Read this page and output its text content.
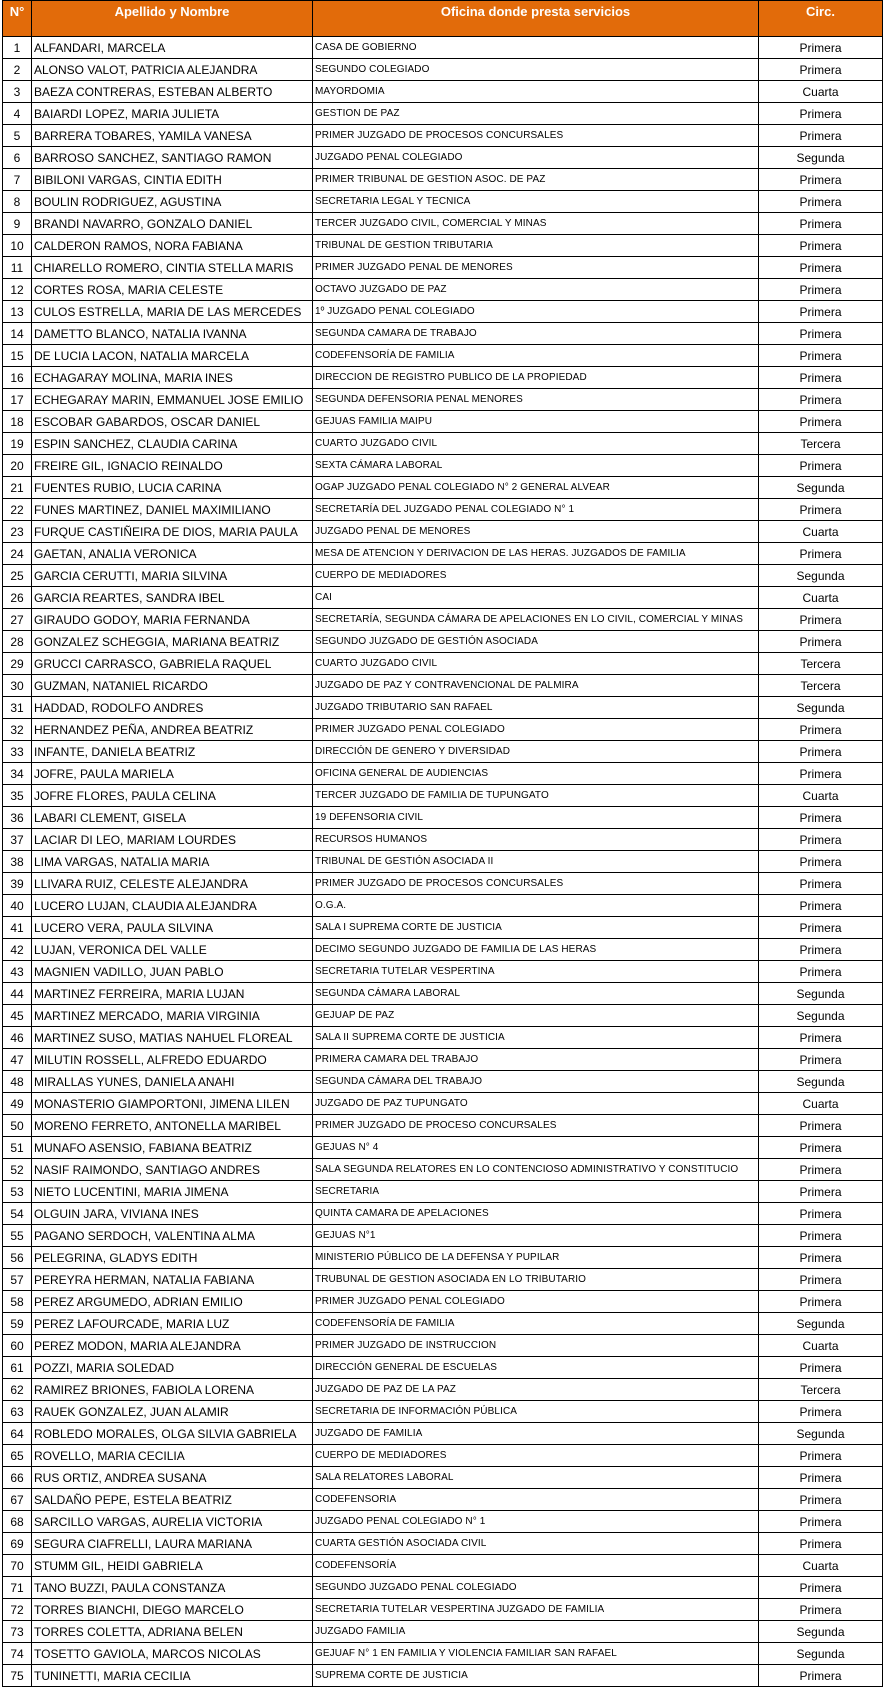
N°	Apellido y Nombre	Oficina donde presta servicios	Circ.
1	ALFANDARI, MARCELA	CASA DE GOBIERNO	Primera
2	ALONSO VALOT, PATRICIA ALEJANDRA	SEGUNDO COLEGIADO	Primera
3	BAEZA CONTRERAS, ESTEBAN ALBERTO	MAYORDOMIA	Cuarta
4	BAIARDI LOPEZ, MARIA JULIETA	GESTION DE PAZ	Primera
5	BARRERA TOBARES, YAMILA VANESA	PRIMER JUZGADO DE PROCESOS CONCURSALES	Primera
6	BARROSO SANCHEZ, SANTIAGO RAMON	JUZGADO PENAL COLEGIADO	Segunda
7	BIBILONI VARGAS, CINTIA EDITH	PRIMER TRIBUNAL DE GESTION ASOC. DE PAZ	Primera
8	BOULIN RODRIGUEZ, AGUSTINA	SECRETARIA LEGAL Y TECNICA	Primera
9	BRANDI NAVARRO, GONZALO DANIEL	TERCER JUZGADO CIVIL, COMERCIAL Y MINAS	Primera
10	CALDERON RAMOS, NORA FABIANA	TRIBUNAL DE GESTION TRIBUTARIA	Primera
11	CHIARELLO ROMERO, CINTIA STELLA MARIS	PRIMER JUZGADO PENAL DE MENORES	Primera
12	CORTES ROSA, MARIA CELESTE	OCTAVO JUZGADO DE PAZ	Primera
13	CULOS ESTRELLA, MARIA DE LAS MERCEDES	1º JUZGADO PENAL COLEGIADO	Primera
14	DAMETTO BLANCO, NATALIA IVANNA	SEGUNDA CAMARA DE TRABAJO	Primera
15	DE LUCIA LACON, NATALIA MARCELA	CODEFENSORÍA DE FAMILIA	Primera
16	ECHAGARAY MOLINA, MARIA INES	DIRECCION DE REGISTRO PUBLICO DE LA PROPIEDAD	Primera
17	ECHEGARAY MARIN, EMMANUEL JOSE EMILIO	SEGUNDA DEFENSORIA PENAL MENORES	Primera
18	ESCOBAR GABARDOS, OSCAR DANIEL	GEJUAS FAMILIA MAIPU	Primera
19	ESPIN SANCHEZ, CLAUDIA CARINA	CUARTO JUZGADO CIVIL	Tercera
20	FREIRE GIL, IGNACIO REINALDO	SEXTA CÁMARA LABORAL	Primera
21	FUENTES RUBIO, LUCIA CARINA	OGAP JUZGADO PENAL COLEGIADO N° 2 GENERAL ALVEAR	Segunda
22	FUNES MARTINEZ, DANIEL MAXIMILIANO	SECRETARÍA DEL JUZGADO PENAL COLEGIADO N° 1	Primera
23	FURQUE CASTIÑEIRA DE DIOS, MARIA PAULA	JUZGADO PENAL DE MENORES	Cuarta
24	GAETAN, ANALIA VERONICA	MESA DE ATENCION Y DERIVACION DE LAS HERAS. JUZGADOS DE FAMILIA	Primera
25	GARCIA CERUTTI, MARIA SILVINA	CUERPO DE MEDIADORES	Segunda
26	GARCIA REARTES, SANDRA IBEL	CAI	Cuarta
27	GIRAUDO GODOY, MARIA FERNANDA	SECRETARÍA, SEGUNDA CÁMARA DE APELACIONES EN LO CIVIL, COMERCIAL Y MINAS	Primera
28	GONZALEZ SCHEGGIA, MARIANA BEATRIZ	SEGUNDO JUZGADO DE GESTIÓN ASOCIADA	Primera
29	GRUCCI CARRASCO, GABRIELA RAQUEL	CUARTO JUZGADO CIVIL	Tercera
30	GUZMAN, NATANIEL RICARDO	JUZGADO DE PAZ Y CONTRAVENCIONAL DE PALMIRA	Tercera
31	HADDAD, RODOLFO ANDRES	JUZGADO TRIBUTARIO SAN RAFAEL	Segunda
32	HERNANDEZ PEÑA, ANDREA BEATRIZ	PRIMER JUZGADO PENAL COLEGIADO	Primera
33	INFANTE, DANIELA BEATRIZ	DIRECCIÓN DE GENERO Y DIVERSIDAD	Primera
34	JOFRE, PAULA MARIELA	OFICINA GENERAL DE AUDIENCIAS	Primera
35	JOFRE FLORES, PAULA CELINA	TERCER JUZGADO DE FAMILIA DE TUPUNGATO	Cuarta
36	LABARI CLEMENT, GISELA	19 DEFENSORIA CIVIL	Primera
37	LACIAR DI LEO, MARIAM LOURDES	RECURSOS HUMANOS	Primera
38	LIMA VARGAS, NATALIA MARIA	TRIBUNAL DE GESTIÓN ASOCIADA II	Primera
39	LLIVARA RUIZ, CELESTE ALEJANDRA	PRIMER JUZGADO DE PROCESOS CONCURSALES	Primera
40	LUCERO LUJAN, CLAUDIA ALEJANDRA	O.G.A.	Primera
41	LUCERO VERA, PAULA SILVINA	SALA I SUPREMA CORTE DE JUSTICIA	Primera
42	LUJAN, VERONICA DEL VALLE	DECIMO SEGUNDO JUZGADO DE FAMILIA DE LAS HERAS	Primera
43	MAGNIEN VADILLO, JUAN PABLO	SECRETARIA TUTELAR VESPERTINA	Primera
44	MARTINEZ FERREIRA, MARIA LUJAN	SEGUNDA CÁMARA LABORAL	Segunda
45	MARTINEZ MERCADO, MARIA VIRGINIA	GEJUAP DE PAZ	Segunda
46	MARTINEZ SUSO, MATIAS NAHUEL FLOREAL	SALA II SUPREMA CORTE DE JUSTICIA	Primera
47	MILUTIN ROSSELL, ALFREDO EDUARDO	PRIMERA CAMARA DEL TRABAJO	Primera
48	MIRALLAS YUNES, DANIELA ANAHI	SEGUNDA CÁMARA DEL TRABAJO	Segunda
49	MONASTERIO GIAMPORTONI, JIMENA LILEN	JUZGADO DE PAZ TUPUNGATO	Cuarta
50	MORENO FERRETO, ANTONELLA MARIBEL	PRIMER JUZGADO DE PROCESO CONCURSALES	Primera
51	MUNAFO ASENSIO, FABIANA BEATRIZ	GEJUAS N° 4	Primera
52	NASIF RAIMONDO, SANTIAGO ANDRES	SALA SEGUNDA RELATORES EN LO CONTENCIOSO ADMINISTRATIVO Y CONSTITUCIO	Primera
53	NIETO LUCENTINI, MARIA JIMENA	SECRETARIA	Primera
54	OLGUIN JARA, VIVIANA INES	QUINTA CAMARA DE APELACIONES	Primera
55	PAGANO SERDOCH, VALENTINA ALMA	GEJUAS N°1	Primera
56	PELEGRINA, GLADYS EDITH	MINISTERIO PÚBLICO DE LA DEFENSA Y PUPILAR	Primera
57	PEREYRA HERMAN, NATALIA FABIANA	TRUBUNAL DE GESTION ASOCIADA EN LO TRIBUTARIO	Primera
58	PEREZ ARGUMEDO, ADRIAN EMILIO	PRIMER JUZGADO PENAL COLEGIADO	Primera
59	PEREZ LAFOURCADE, MARIA LUZ	CODEFENSORÍA DE FAMILIA	Segunda
60	PEREZ MODON, MARIA ALEJANDRA	PRIMER JUZGADO DE INSTRUCCION	Cuarta
61	POZZI, MARIA SOLEDAD	DIRECCIÓN GENERAL DE ESCUELAS	Primera
62	RAMIREZ BRIONES, FABIOLA LORENA	JUZGADO DE PAZ DE LA PAZ	Tercera
63	RAUEK GONZALEZ, JUAN ALAMIR	SECRETARIA DE INFORMACIÓN PÚBLICA	Primera
64	ROBLEDO MORALES, OLGA SILVIA GABRIELA	JUZGADO DE FAMILIA	Segunda
65	ROVELLO, MARIA CECILIA	CUERPO DE MEDIADORES	Primera
66	RUS ORTIZ, ANDREA SUSANA	SALA RELATORES LABORAL	Primera
67	SALDAÑO PEPE, ESTELA BEATRIZ	CODEFENSORIA	Primera
68	SARCILLO VARGAS, AURELIA VICTORIA	JUZGADO PENAL COLEGIADO N° 1	Primera
69	SEGURA CIAFRELLI, LAURA MARIANA	CUARTA GESTIÓN ASOCIADA CIVIL	Primera
70	STUMM GIL, HEIDI GABRIELA	CODEFENSORÍA	Cuarta
71	TANO BUZZI, PAULA CONSTANZA	SEGUNDO JUZGADO PENAL COLEGIADO	Primera
72	TORRES BIANCHI, DIEGO MARCELO	SECRETARIA TUTELAR VESPERTINA JUZGADO DE FAMILIA	Primera
73	TORRES COLETTA, ADRIANA BELEN	JUZGADO FAMILIA	Segunda
74	TOSETTO GAVIOLA, MARCOS NICOLAS	GEJUAF N° 1 EN FAMILIA Y VIOLENCIA FAMILIAR SAN RAFAEL	Segunda
75	TUNINETTI, MARIA CECILIA	SUPREMA CORTE DE JUSTICIA	Primera
